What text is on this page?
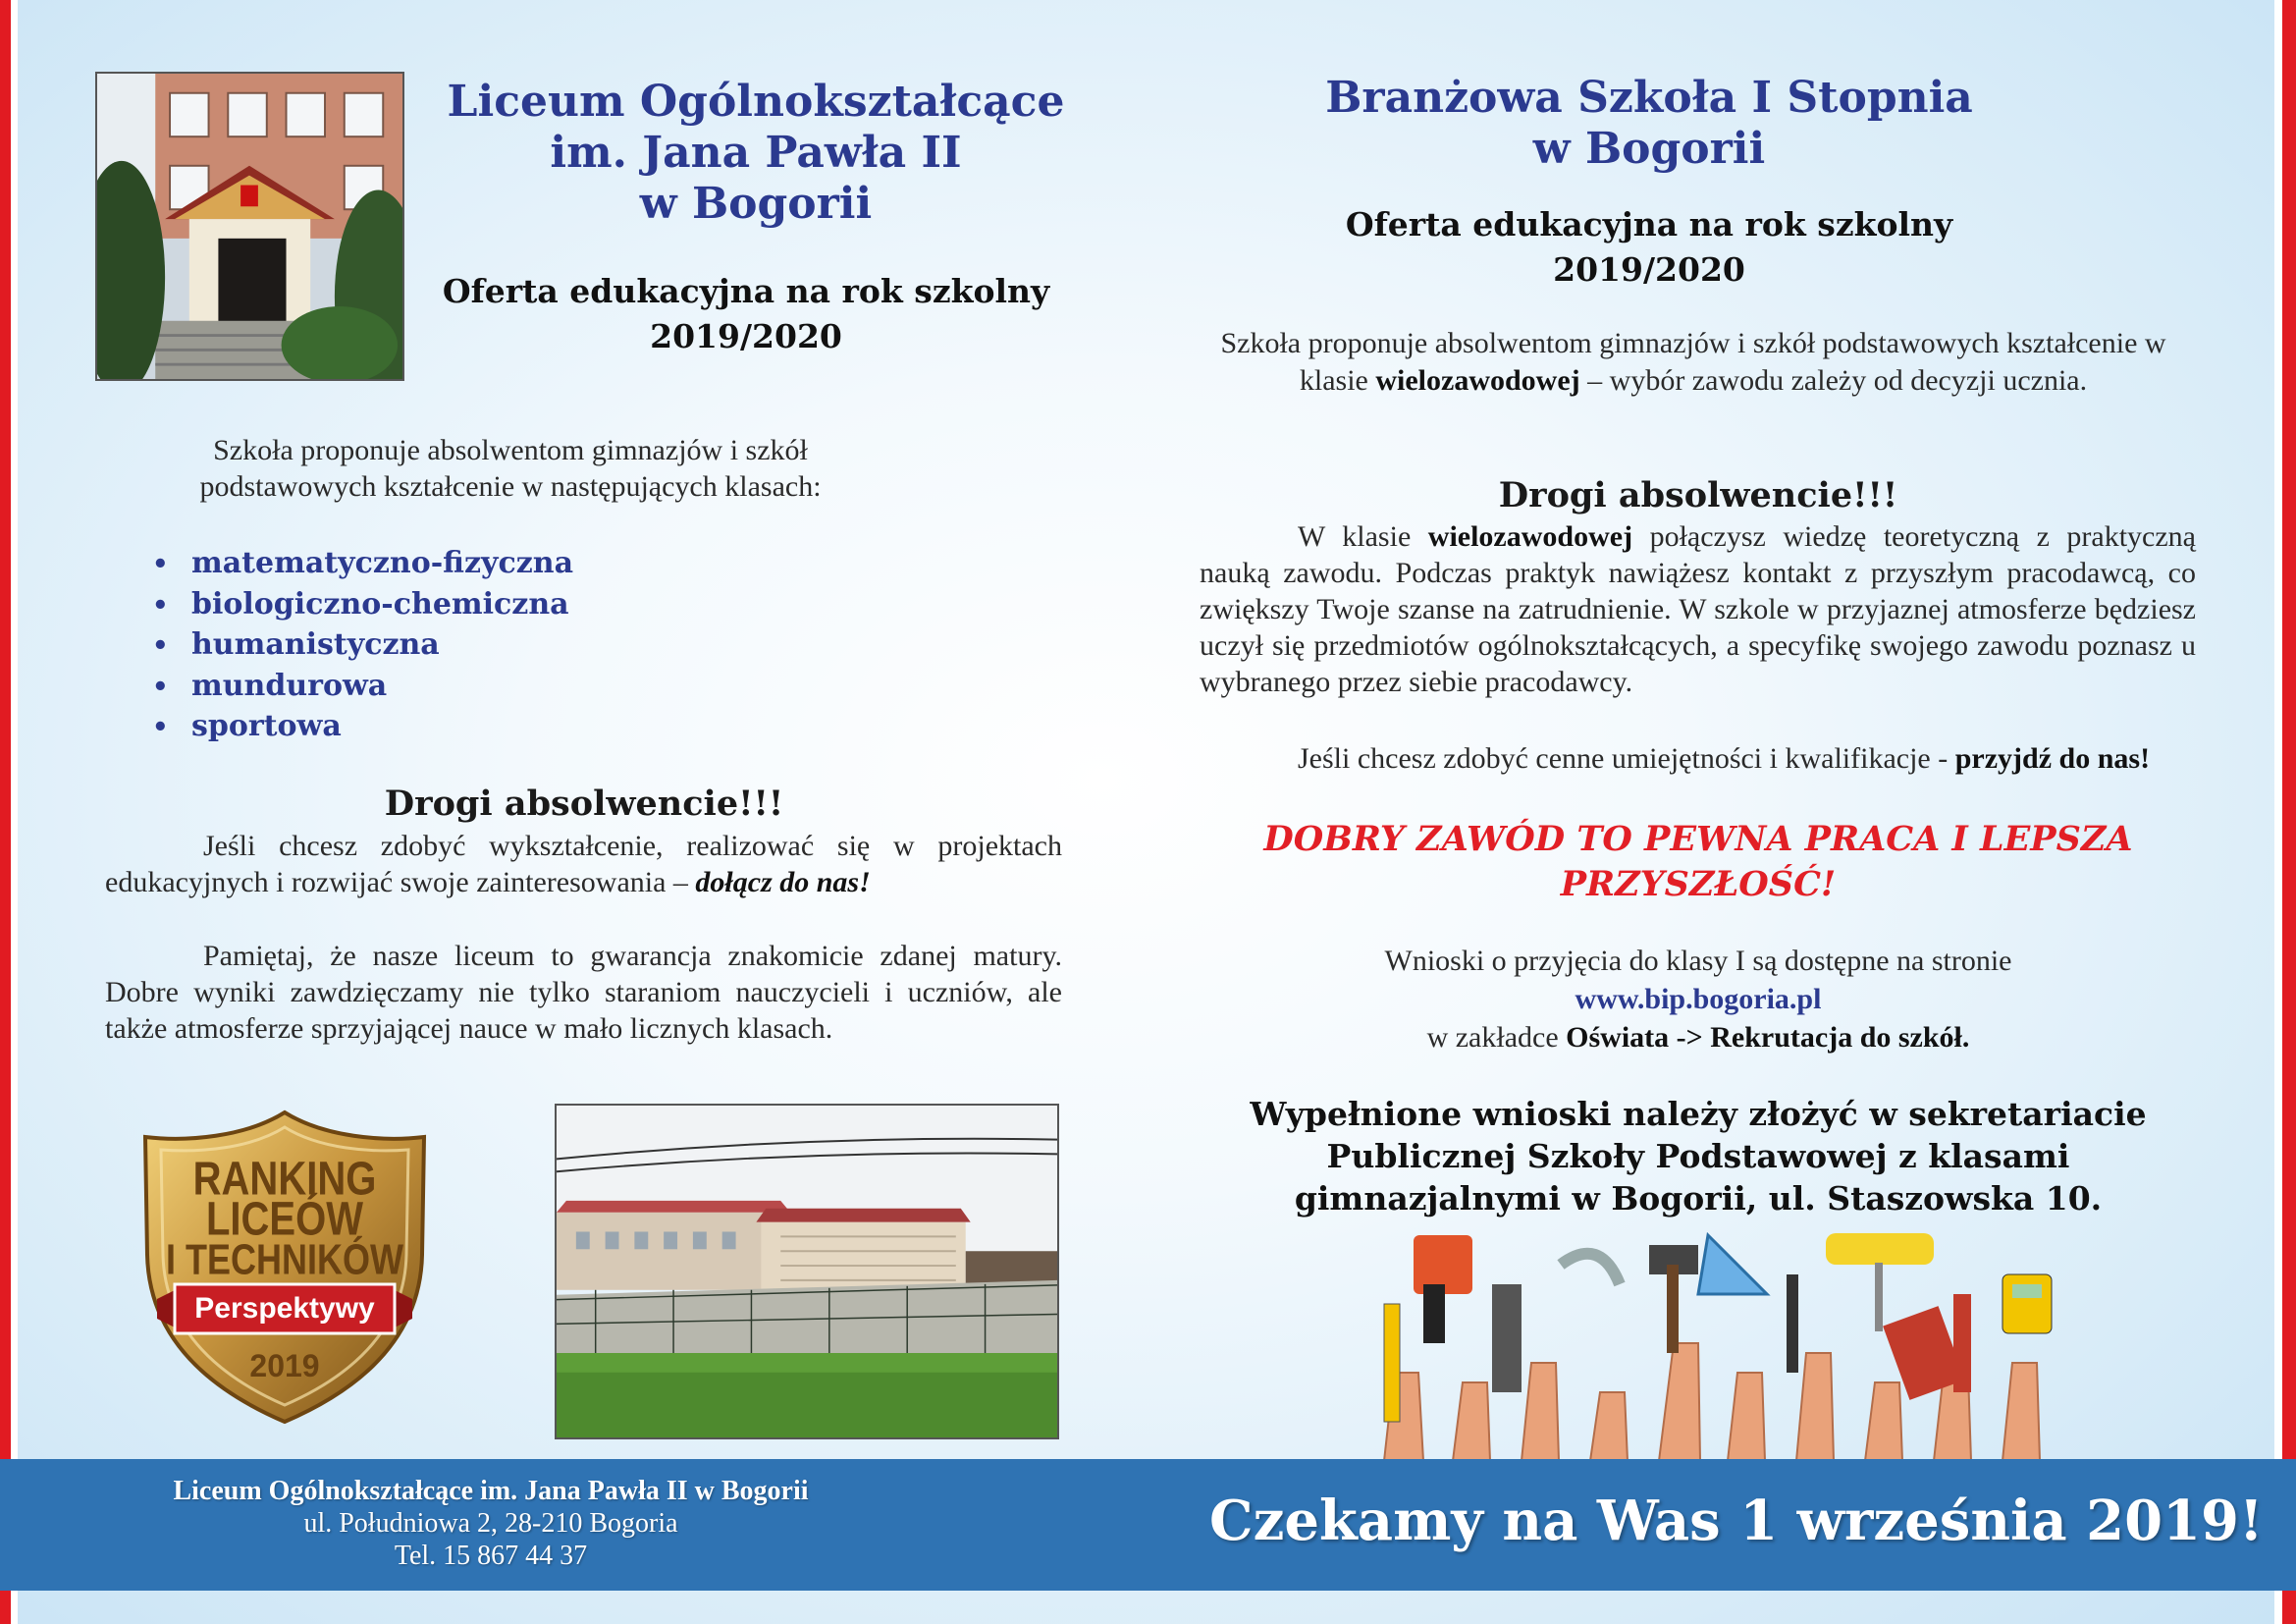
Liceum Ogólnokształcące
im. Jana Pawła II
w Bogorii
Oferta edukacyjna na rok szkolny
2019/2020
Szkoła proponuje absolwentom gimnazjów i szkół podstawowych kształcenie w następujących klasach:
• matematyczno-fizyczna
• biologiczno-chemiczna
• humanistyczna
• mundurowa
• sportowa
Drogi absolwencie!!!
Jeśli chcesz zdobyć wykształcenie, realizować się w projektach edukacyjnych i rozwijać swoje zainteresowania – dołącz do nas!
Pamiętaj, że nasze liceum to gwarancja znakomicie zdanej matury. Dobre wyniki zawdzięczamy nie tylko staraniom nauczycieli i uczniów, ale także atmosferze sprzyjającej nauce w mało licznych klasach.
RANKING
LICEÓW
I TECHNIKÓW
Perspektywy
2019
Branżowa Szkoła I Stopnia
w Bogorii
Oferta edukacyjna na rok szkolny
2019/2020
Szkoła proponuje absolwentom gimnazjów i szkół podstawowych kształcenie w klasie wielozawodowej – wybór zawodu zależy od decyzji ucznia.
Drogi absolwencie!!!
W klasie wielozawodowej połączysz wiedzę teoretyczną z praktyczną nauką zawodu. Podczas praktyk nawiążesz kontakt z przyszłym pracodawcą, co zwiększy Twoje szanse na zatrudnienie. W szkole w przyjaznej atmosferze będziesz uczył się przedmiotów ogólnokształcących, a specyfikę swojego zawodu poznasz u wybranego przez siebie pracodawcy.
Jeśli chcesz zdobyć cenne umiejętności i kwalifikacje - przyjdź do nas!
DOBRY ZAWÓD TO PEWNA PRACA I LEPSZA
PRZYSZŁOŚĆ!
Wnioski o przyjęcia do klasy I są dostępne na stronie
www.bip.bogoria.pl
w zakładce Oświata -> Rekrutacja do szkół.
Wypełnione wnioski należy złożyć w sekretariacie
Publicznej Szkoły Podstawowej z klasami
gimnazjalnymi w Bogorii, ul. Staszowska 10.
Liceum Ogólnokształcące im. Jana Pawła II w Bogorii
ul. Południowa 2, 28-210 Bogoria
Tel. 15 867 44 37
Czekamy na Was 1 września 2019!
